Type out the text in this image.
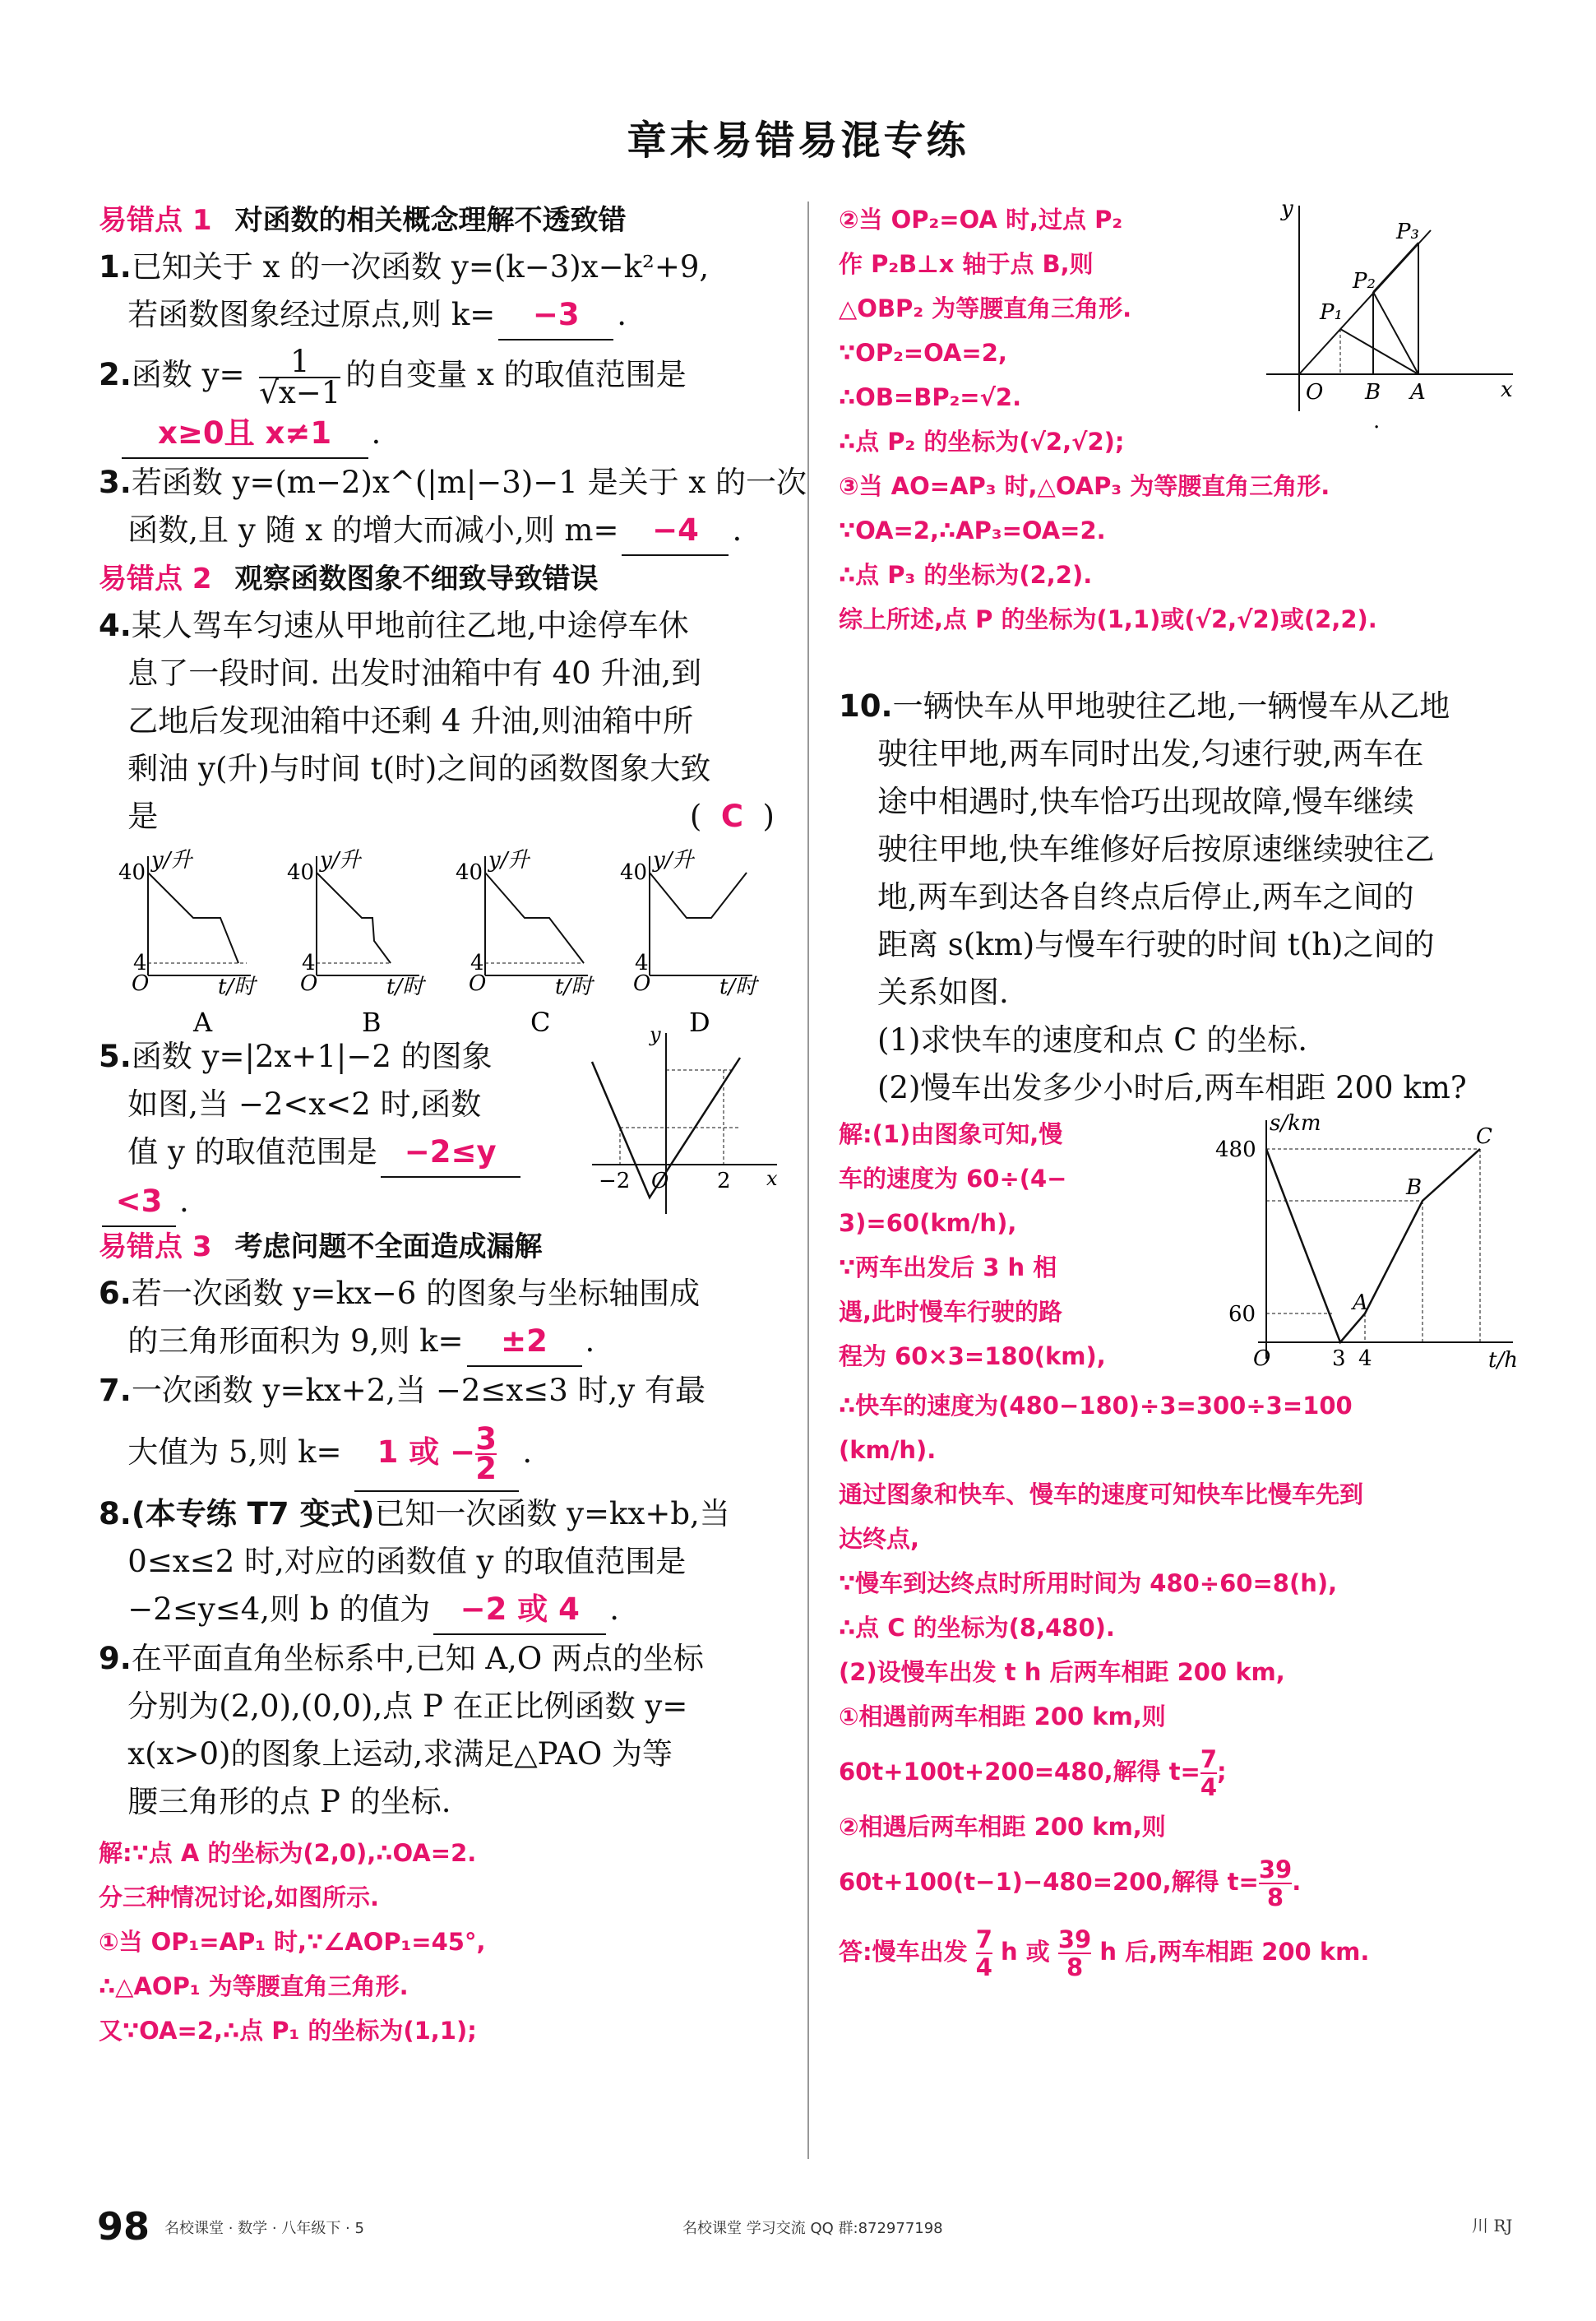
章末易错易混专练
易错点 1 对函数的相关概念理解不透致错
1.已知关于 x 的一次函数 y=(k−3)x−k²+9,
若函数图象经过原点,则 k= −3 .
2.函数 $y= \frac{1}{√x-1}$ 的自变量 x 的取值范围是
x≥0且 x≠1 .
3.若函数 y=(m−2)x^(|m|−3)−1 是关于 x 的一次
函数,且 y 随 x 的增大而减小,则 m= −4 .
易错点 2 观察函数图象不细致导致错误
4.某人驾车匀速从甲地前往乙地,中途停车休
息了一段时间. 出发时油箱中有 40 升油,到
乙地后发现油箱中还剩 4 升油,则油箱中所
剩油 y(升)与时间 t(时)之间的函数图象大致
是	(  C  )
40 y/升
4
O	t/时
A
40 y/升
4
O	t/时
B
40 y/升
4
O	t/时
C
40 y/升
4
O	t/时
D
5.函数 y=|2x+1|−2 的图象
如图,当 −2<x<2 时,函数
值 y 的取值范围是 −2≤y
<3 .
y
x
−2 O 2
易错点 3 考虑问题不全面造成漏解
6.若一次函数 y=kx−6 的图象与坐标轴围成
的三角形面积为 9,则 k= ±2 .
7.一次函数 y=kx+2,当 −2≤x≤3 时,y 有最
大值为 5,则 k= 1 或 − $\frac{3}{2}$ .
8.(本专练 T7 变式)已知一次函数 y=kx+b,当
0≤x≤2 时,对应的函数值 y 的取值范围是
−2≤y≤4,则 b 的值为 −2 或 4 .
9.在平面直角坐标系中,已知 A,O 两点的坐标
分别为(2,0),(0,0),点 P 在正比例函数 y=
x(x>0)的图象上运动,求满足△PAO 为等
腰三角形的点 P 的坐标.
解:∵点 A 的坐标为(2,0),∴OA=2.
分三种情况讨论,如图所示.
①当 OP₁=AP₁ 时,∵∠AOP₁=45°,
∴△AOP₁ 为等腰直角三角形.
又∵OA=2,∴点 P₁ 的坐标为(1,1);
②当 OP₂=OA 时,过点 P₂
作 P₂B⊥x 轴于点 B,则
△OBP₂ 为等腰直角三角形.
∵OP₂=OA=2,
∴OB=BP₂=√2.
∴点 P₂ 的坐标为(√2,√2);
③当 AO=AP₃ 时,△OAP₃ 为等腰直角三角形.
∵OA=2,∴AP₃=OA=2.
∴点 P₃ 的坐标为(2,2).
综上所述,点 P 的坐标为(1,1)或(√2,√2)或(2,2).
y
x
O B A
P₁
P₂
P₃
.
10.一辆快车从甲地驶往乙地,一辆慢车从乙地
驶往甲地,两车同时出发,匀速行驶,两车在
途中相遇时,快车恰巧出现故障,慢车继续
驶往甲地,快车维修好后按原速继续驶往乙
地,两车到达各自终点后停止,两车之间的
距离 s(km)与慢车行驶的时间 t(h)之间的
关系如图.
(1)求快车的速度和点 C 的坐标.
(2)慢车出发多少小时后,两车相距 200 km?
解:(1)由图象可知,慢
车的速度为 60÷(4−
3)=60(km/h),
∵两车出发后 3 h 相
遇,此时慢车行驶的路
程为 60×3=180(km),
s/km
t/h
O
480
60
3 4
A
B
C
∴快车的速度为(480−180)÷3=300÷3=100
(km/h).
通过图象和快车、慢车的速度可知快车比慢车先到
达终点,
∵慢车到达终点时所用时间为 480÷60=8(h),
∴点 C 的坐标为(8,480).
(2)设慢车出发 t h 后两车相距 200 km,
①相遇前两车相距 200 km,则
60t+100t+200=480,解得 $t= \frac{7}{4}$ ;
②相遇后两车相距 200 km,则
60t+100(t−1)−480=200,解得 $t= \frac{39}{8}$ .
答:慢车出发 $\frac{7}{4}$ h 或 $\frac{39}{8}$ h 后,两车相距 200 km.
98 名校课堂 · 数学 · 八年级下 · 5	名校课堂 学习交流 QQ 群:872977198	川 RJ
